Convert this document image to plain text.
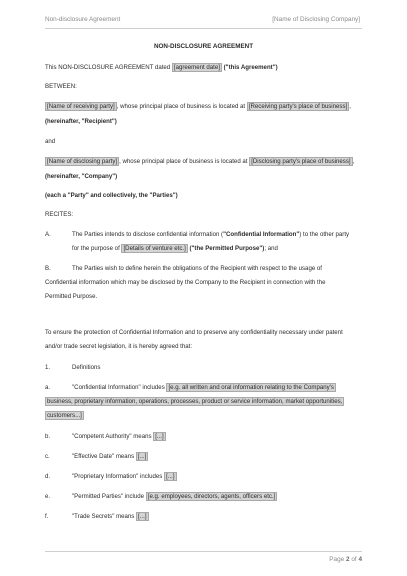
Non-disclosure Agreement	[Name of Disclosing Company]
NON-DISCLOSURE AGREEMENT
This NON-DISCLOSURE AGREEMENT dated [agreement date] ("this Agreement")
BETWEEN:
[Name of receiving party] , whose principal place of business is located at [Receiving party's place of business] ,
(hereinafter, "Recipient")
and
[Name of disclosing party] , whose principal place of business is located at [Disclosing party's place of business] ,
(hereinafter, "Company")
(each a "Party" and collectively, the "Parties")
RECITES:
A.	The Parties intends to disclose confidential information ("Confidential Information") to the other party
for the purpose of [Details of venture etc.] ("the Permitted Purpose"); and
B.	The Parties wish to define herein the obligations of the Recipient with respect to the usage of
Confidential information which may be disclosed by the Company to the Recipient in connection with the
Permitted Purpose.
To ensure the protection of Confidential Information and to preserve any confidentiality necessary under patent
and/or trade secret legislation, it is hereby agreed that:
1.	Definitions
a.	"Confidential Information" includes [e.g. all written and oral information relating to the Company's
business, proprietary information, operations, processes, product or service information, market opportunities,
customers...]
b.	"Competent Authority" means [...]
c.	"Effective Date" means [...]
d.	"Proprietary Information" includes [...]
e.	"Permitted Parties" include [e.g. employees, directors, agents, officers etc.]
f.	"Trade Secrets" means [...]
Page 2 of 4
